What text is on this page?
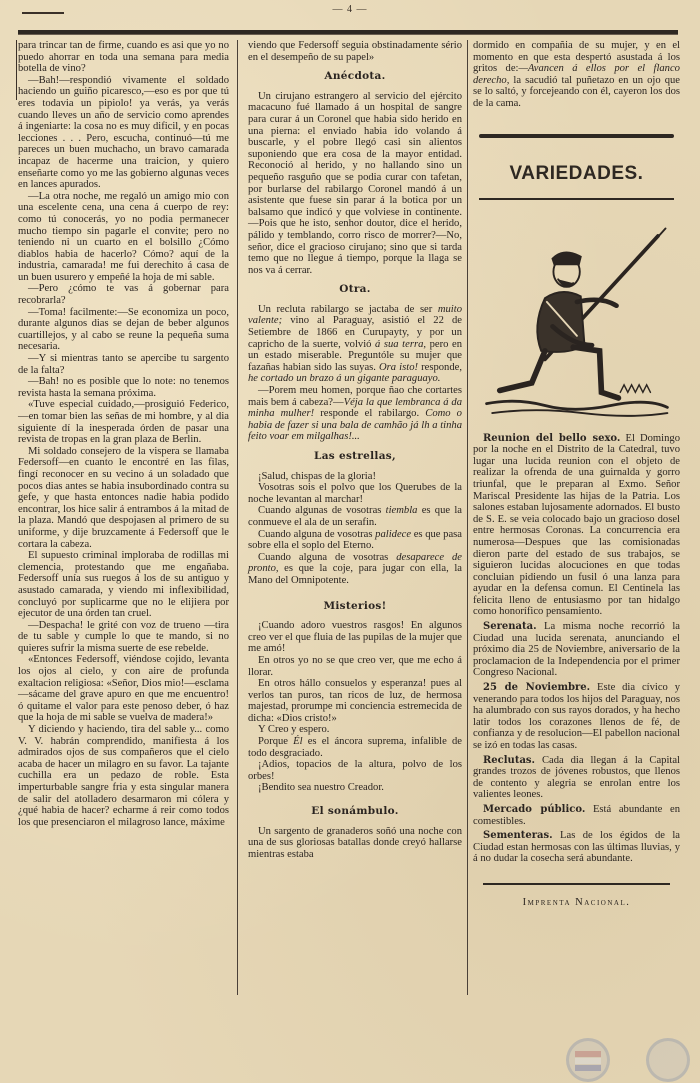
— 4 —

para trincar tan de firme, cuando es asi que yo no puedo ahorrar en toda una semana para media botella de vino?

—Bah!—respondió vivamente el soldado haciendo un guiño picaresco,—eso es por que tú eres todavia un pipiolo! ya verás, ya verás cuando lleves un año de servicio como aprendes á ingeniarte: la cosa no es muy dificil, y en pocas lecciones . . . Pero, escucha, continuó—tú me pareces un buen muchacho, un bravo camarada incapaz de hacerme una traicion, y quiero enseñarte como yo me las gobierno algunas veces en lances apurados.

—La otra noche, me regaló un amigo mio con una escelente cena, una cena á cuerpo de rey: como tú conocerás, yo no podia permanecer mucho tiempo sin pagarle el convite; pero no teniendo ni un cuarto en el bolsillo ¿Cómo diablos habia de hacerlo? Cómo? aquí de la industria, camarada! me fui derechito á casa de un buen usurero y empeñé la hoja de mi sable.

—Pero ¿cómo te vas á gobernar para recobrarla?

—Toma! facilmente:—Se economiza un poco, durante algunos dias se dejan de beber algunos cuartillejos, y al cabo se reune la pequeña suma necesaria.

—Y si mientras tanto se apercibe tu sargento de la falta?

—Bah! no es posible que lo note: no tenemos revista hasta la semana próxima.

«Tuve especial cuidado,—prosiguió Federico,—en tomar bien las señas de mi hombre, y al dia siguiente dí la inesperada órden de pasar una revista de tropas en la gran plaza de Berlin.

Mi soldado consejero de la vispera se llamaba Federsoff—en cuanto le encontré en las filas, fingí reconocer en su vecino á un soladado que pocos dias antes se habia insubordinado contra su gefe, y que hasta entonces nadie habia podido encontrar, los hice salir á entrambos á la mitad de la plaza. Mandó que despojasen al primero de su uniforme, y dije bruzcamente á Federsoff que le cortara la cabeza.

El supuesto criminal imploraba de rodillas mi clemencia, protestando que me engañaba. Federsoff unía sus ruegos á los de su antiguo y asustado camarada, y viendo mi inflexibilidad, concluyó por suplicarme que no le elijiera por ejecutor de una órden tan cruel.

—Despacha! le grité con voz de trueno —tira de tu sable y cumple lo que te mando, si no quieres sufrir la misma suerte de ese rebelde.

«Entonces Federsoff, viéndose cojido, levanta los ojos al cielo, y con aire de profunda exaltacion religiosa: «Señor, Dios mio!—esclama—sácame del grave apuro en que me encuentro! ó quitame el valor para este penoso deber, ó haz que la hoja de mi sable se vuelva de madera!»

Y diciendo y haciendo, tira del sable y... como V. V. habrán comprendido, manifiesta á los admirados ojos de sus compañeros que el cielo acaba de hacer un milagro en su favor. La tajante cuchilla era un pedazo de roble. Esta imperturbable sangre fria y esta singular manera de salir del atolladero desarmaron mi cólera y ¿qué habia de hacer? echarme á reir como todos los que presenciaron el milagroso lance, máxime

viendo que Federsoff seguia obstinadamente sério en el desempeño de su papel»

Anécdota.

Un cirujano estrangero al servicio del ejército macacuno fué llamado á un hospital de sangre para curar á un Coronel que habia sido herido en una pierna: el enviado habia ido volando á buscarle, y el pobre llegó casi sin alientos suponiendo que era cosa de la mayor entidad. Reconoció al herido, y no hallando sino un pequeño rasguño que se podia curar con tafetan, por burlarse del rabilargo Coronel mandó á un asistente que fuese sin parar á la botica por un balsamo que indicó y que volviese in continente.—Pois que he isto, senhor doutor, dice el herido, pálido y temblando, corro risco de morrer?—No, señor, dice el gracioso cirujano; sino que si tarda temo que no llegue á tiempo, porque la llaga se nos va á cerrar.

Otra.

Un recluta rabilargo se jactaba de ser muito valente; vino al Paraguay, asistió el 22 de Setiembre de 1866 en Curupayty, y por un capricho de la suerte, volvió á sua terra, pero en un estado miserable. Preguntóle su mujer que fazañas habian sido las suyas. Ora isto! responde, he cortado un brazo á un gigante paraguayo.

—Porem meu homen, porque ñao che cortartes mais bem á cabeza?—Véja la que lembranca á da minha mulher! responde el rabilargo. Como o habia de fazer si una bala de camhão já lh a tinha feito voar em milgalhas!...

Las estrellas,

¡Salud, chispas de la gloria!

Vosotras sois el polvo que los Querubes de la noche levantan al marchar!

Cuando algunas de vosotras tiembla es que la conmueve el ala de un serafin.

Cuando alguna de vosotras palidece es que pasa sobre ella el soplo del Eterno.

Cuando alguna de vosotras desaparece de pronto, es que la coje, para jugar con ella, la Mano del Omnipotente.

Misterios!

¡Cuando adoro vuestros rasgos! En algunos creo ver el que fluia de las pupilas de la mujer que me amó!

En otros yo no se que creo ver, que me echo á llorar.

En otros hállo consuelos y esperanza! pues al verlos tan puros, tan ricos de luz, de hermosa majestad, prorumpe mi conciencia estremecida de dicha: «Dios cristo!»

Y Creo y espero.

Porque Él es el áncora suprema, infalible de todo desgraciado.

¡Adios, topacios de la altura, polvo de los orbes!

¡Bendito sea nuestro Creador.

El sonámbulo.

Un sargento de granaderos soñó una noche con una de sus gloriosas batallas donde creyó hallarse mientras estaba

dormido en compañia de su mujer, y en el momento en que esta despertó asustada á los gritos de:—Avancen á ellos por el flanco derecho, la sacudió tal puñetazo en un ojo que se lo saltó, y forcejeando con él, cayeron los dos de la cama.

VARIEDADES.

Reunion del bello sexo. El Domingo por la noche en el Distrito de la Catedral, tuvo lugar una lucida reunion con el objeto de realizar la ofrenda de una guirnalda y gorro triunfal, que le preparan al Exmo. Señor Mariscal Presidente las hijas de la Patria. Los salones estaban lujosamente adornados. El busto de S. E. se veia colocado bajo un gracioso dosel entre hermosas Coronas. La concurrencia era numerosa—Despues que las comisionadas dieron parte del estado de sus trabajos, se siguieron lucidas alocuciones en que todas concluian pidiendo un fusil ó una lanza para ayudar en la defensa comun. El Centinela las felicita lleno de entusiasmo por tan hidalgo como honorífico pensamiento.

Serenata. La misma noche recorrió la Ciudad una lucida serenata, anunciando el próximo dia 25 de Noviembre, aniversario de la proclamacion de la Independencia por el primer Congreso Nacional.

25 de Noviembre. Este dia cívico y venerando para todos los hijos del Paraguay, nos ha alumbrado con sus rayos dorados, y ha hecho latir todos los corazones llenos de fé, de confianza y de resolucion—El pabellon nacional se izó en todas las casas.

Reclutas. Cada dia llegan á la Capital grandes trozos de jóvenes robustos, que llenos de contento y alegria se enrolan entre los valientes leones.

Mercado público. Está abundante en comestibles.

Sementeras. Las de los égidos de la Ciudad estan hermosas con las últimas lluvias, y á no dudar la cosecha será abundante.

Imprenta Nacional.
